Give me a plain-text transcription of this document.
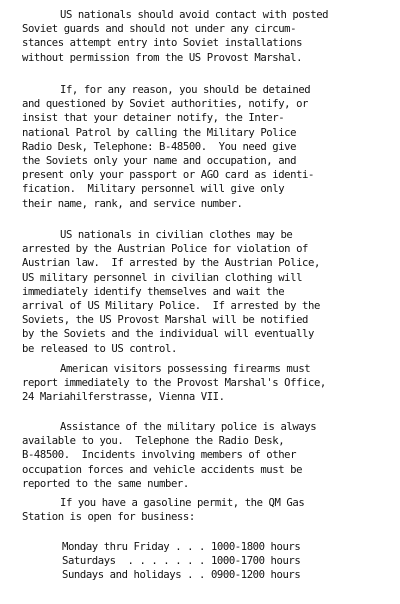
US nationals should avoid contact with posted
Soviet guards and should not under any circum-
stances attempt entry into Soviet installations
without permission from the US Provost Marshal.

If, for any reason, you should be detained
and questioned by Soviet authorities, notify, or
insist that your detainer notify, the Inter-
national Patrol by calling the Military Police
Radio Desk, Telephone: B-48500.  You need give
the Soviets only your name and occupation, and
present only your passport or AGO card as identi-
fication.  Military personnel will give only
their name, rank, and service number.

US nationals in civilian clothes may be
arrested by the Austrian Police for violation of
Austrian law.  If arrested by the Austrian Police,
US military personnel in civilian clothing will
immediately identify themselves and wait the
arrival of US Military Police.  If arrested by the
Soviets, the US Provost Marshal will be notified
by the Soviets and the individual will eventually
be released to US control.

American visitors possessing firearms must
report immediately to the Provost Marshal's Office,
24 Mariahilferstrasse, Vienna VII.

Assistance of the military police is always
available to you.  Telephone the Radio Desk,
B-48500.  Incidents involving members of other
occupation forces and vehicle accidents must be
reported to the same number.

If you have a gasoline permit, the QM Gas
Station is open for business:

Monday thru Friday . . . 1000-1800 hours
Saturdays  . . . . . . . 1000-1700 hours
Sundays and holidays . . 0900-1200 hours
